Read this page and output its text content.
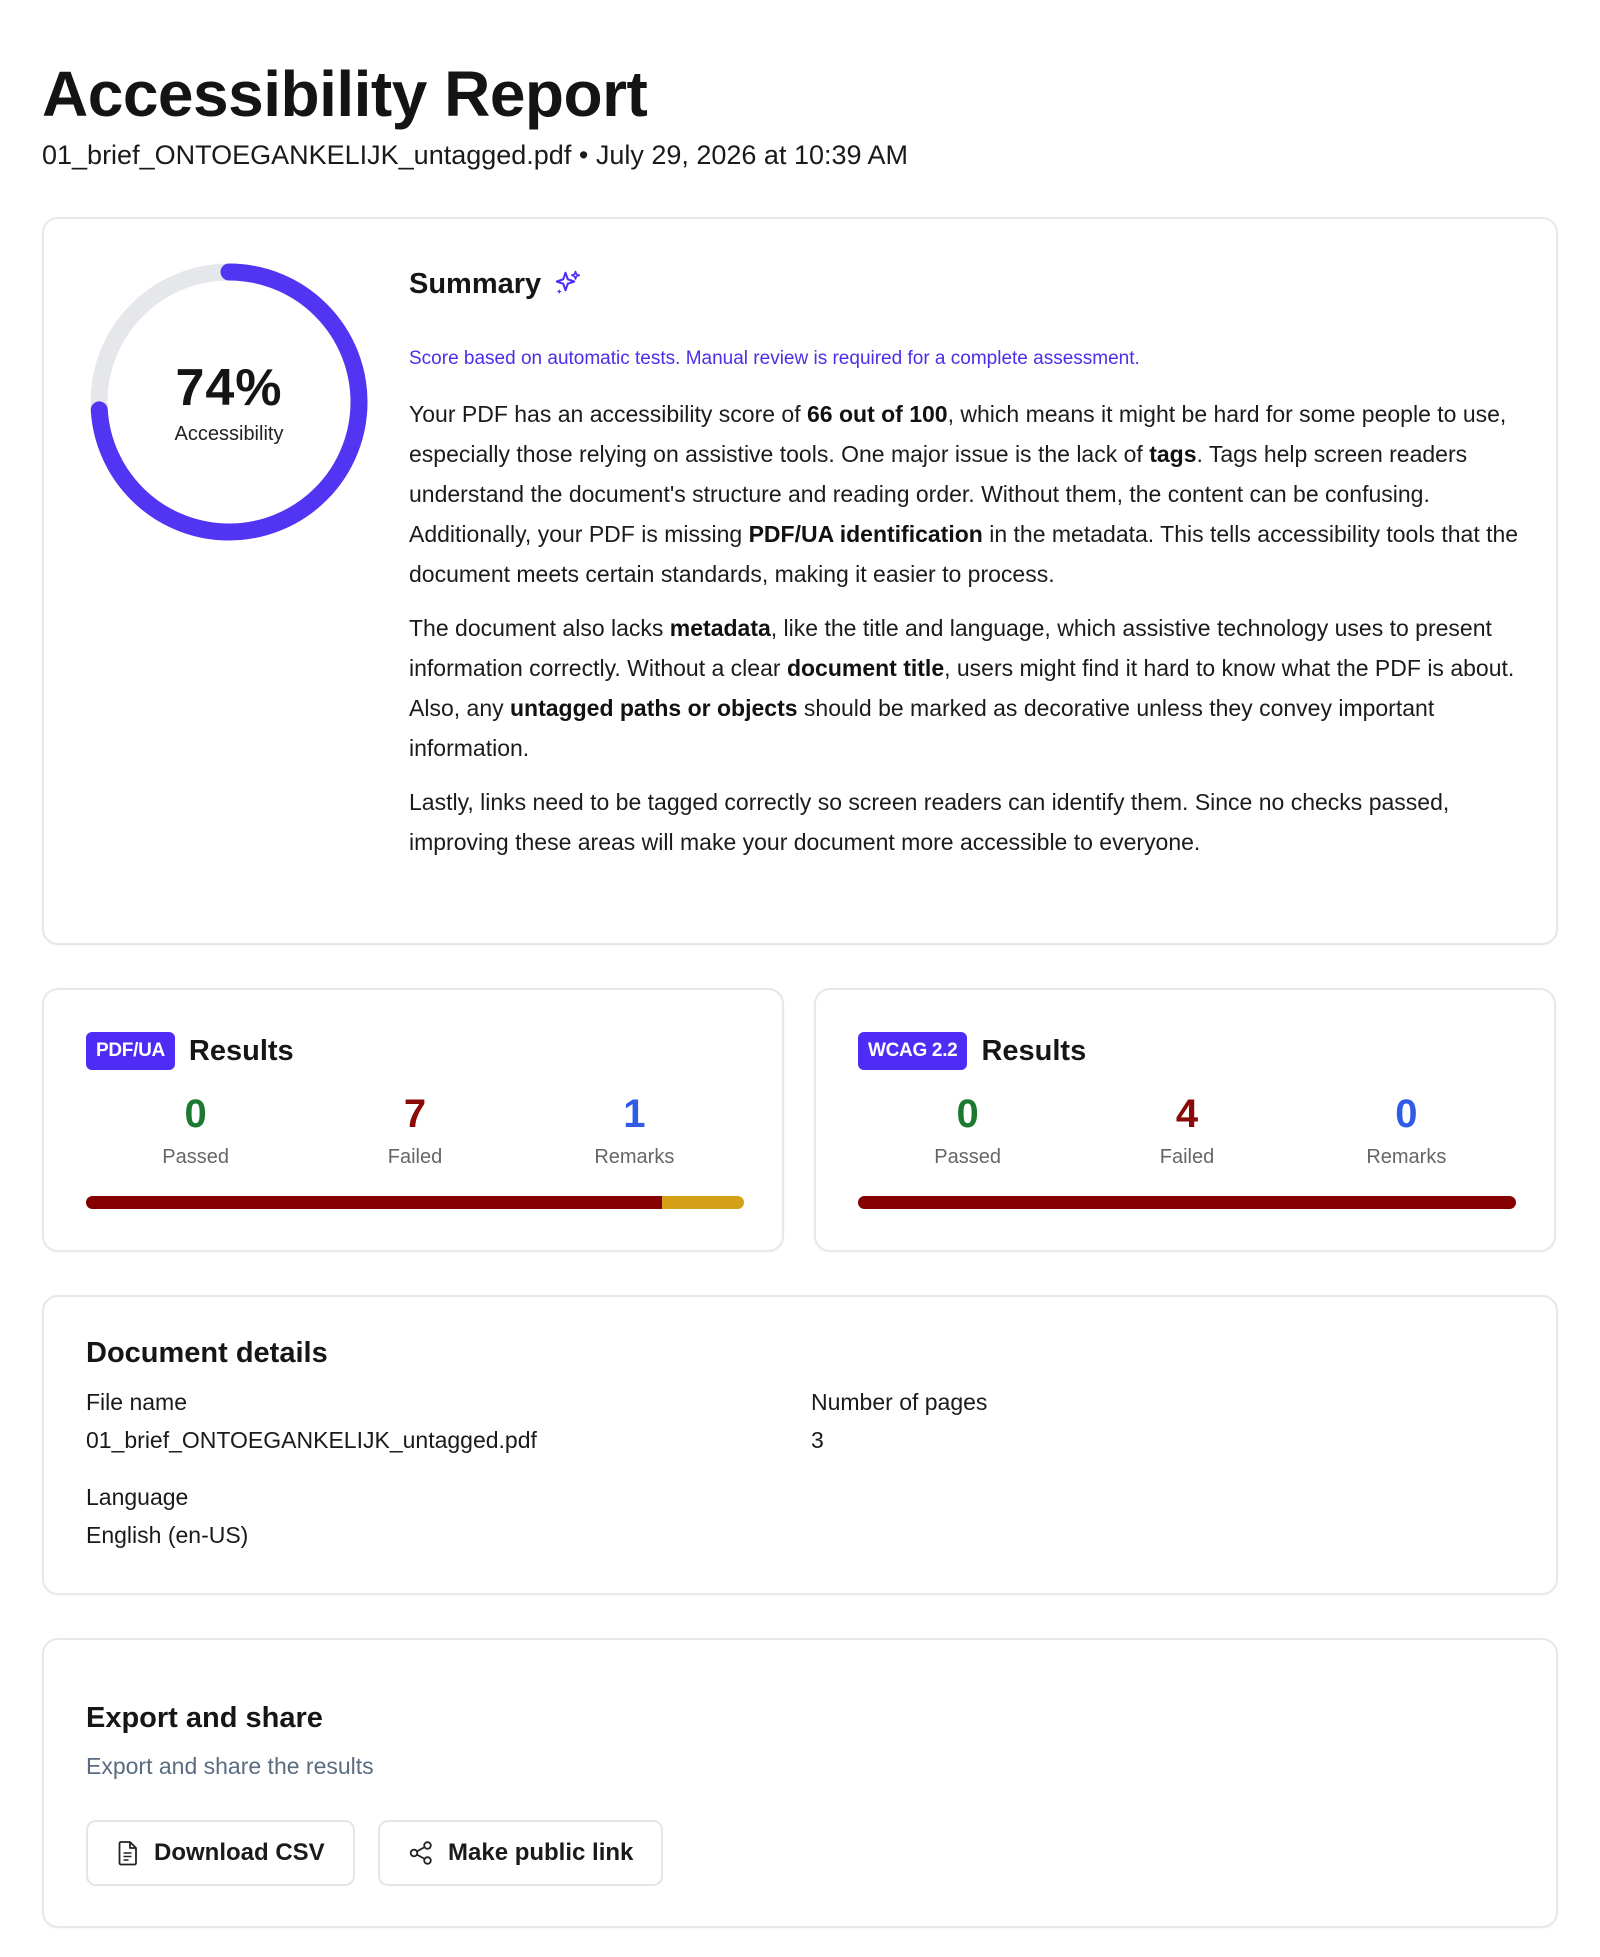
Accessibility Report
01_brief_ONTOEGANKELIJK_untagged.pdf • July 29, 2026 at 10:39 AM
74%
Accessibility
Summary
Score based on automatic tests. Manual review is required for a complete assessment.

Your PDF has an accessibility score of 66 out of 100, which means it might be hard for some people to use, especially those relying on assistive tools. One major issue is the lack of tags. Tags help screen readers understand the document's structure and reading order. Without them, the content can be confusing. Additionally, your PDF is missing PDF/UA identification in the metadata. This tells accessibility tools that the document meets certain standards, making it easier to process.

The document also lacks metadata, like the title and language, which assistive technology uses to present information correctly. Without a clear document title, users might find it hard to know what the PDF is about. Also, any untagged paths or objects should be marked as decorative unless they convey important information.

Lastly, links need to be tagged correctly so screen readers can identify them. Since no checks passed, improving these areas will make your document more accessible to everyone.

PDF/UA Results
0
Passed
7
Failed
1
Remarks
WCAG 2.2 Results
0
Passed
4
Failed
0
Remarks
Document details
File name
01_brief_ONTOEGANKELIJK_untagged.pdf
Number of pages
3
Language
English (en-US)
Export and share
Export and share the results
Download CSV	Make public link
